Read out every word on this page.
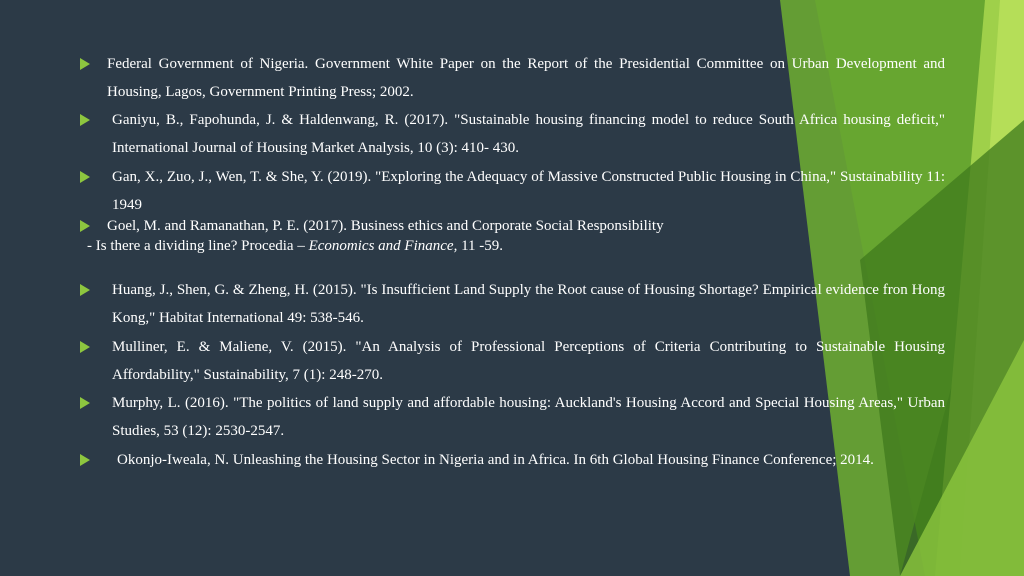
Federal Government of Nigeria. Government White Paper on the Report of the Presidential Committee on Urban Development and Housing, Lagos, Government Printing Press; 2002.
Ganiyu, B., Fapohunda, J. & Haldenwang, R. (2017). "Sustainable housing financing model to reduce South Africa housing deficit," International Journal of Housing Market Analysis, 10 (3): 410- 430.
Gan, X., Zuo, J., Wen, T. & She, Y. (2019). "Exploring the Adequacy of Massive Constructed Public Housing in China," Sustainability 11: 1949
Goel, M. and Ramanathan, P. E. (2017). Business ethics and Corporate Social Responsibility
- Is there a dividing line? Procedia – Economics and Finance, 11 -59.
Huang, J., Shen, G. & Zheng, H. (2015). "Is Insufficient Land Supply the Root cause of Housing Shortage? Empirical evidence fron Hong Kong," Habitat International 49: 538-546.
Mulliner, E. & Maliene, V. (2015). "An Analysis of Professional Perceptions of Criteria Contributing to Sustainable Housing Affordability," Sustainability, 7 (1): 248-270.
Murphy, L. (2016). "The politics of land supply and affordable housing: Auckland's Housing Accord and Special Housing Areas," Urban Studies, 53 (12): 2530-2547.
Okonjo-Iweala, N. Unleashing the Housing Sector in Nigeria and in Africa. In 6th Global Housing Finance Conference; 2014.
